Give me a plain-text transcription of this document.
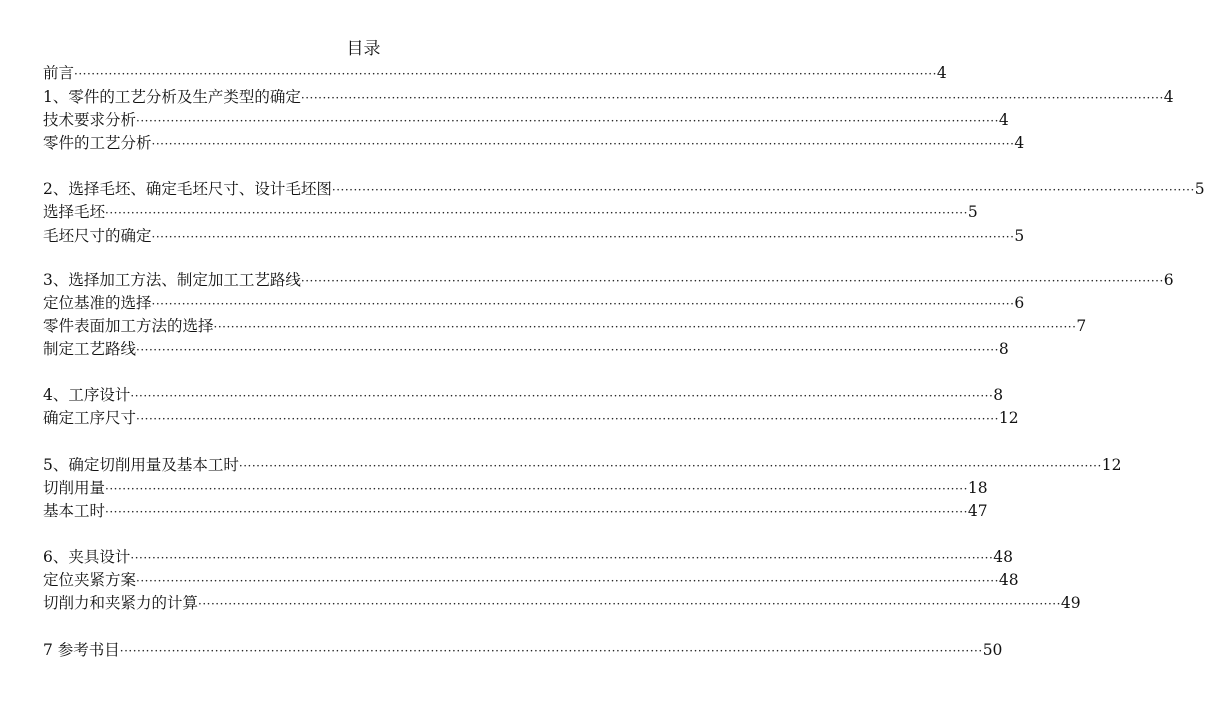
目录
前言 ········································································································································································································ 4
1、零件的工艺分析及生产类型的确定 ········································································································································································································ 4
技术要求分析 ········································································································································································································ 4
零件的工艺分析 ········································································································································································································ 4
2、选择毛坯、确定毛坯尺寸、设计毛坯图 ········································································································································································································ 5
选择毛坯 ········································································································································································································ 5
毛坯尺寸的确定 ········································································································································································································ 5
3、选择加工方法、制定加工工艺路线 ········································································································································································································ 6
定位基准的选择 ········································································································································································································ 6
零件表面加工方法的选择 ········································································································································································································ 7
制定工艺路线 ········································································································································································································ 8
4、工序设计 ········································································································································································································ 8
确定工序尺寸 ········································································································································································································ 12
5、确定切削用量及基本工时 ········································································································································································································ 12
切削用量 ········································································································································································································ 18
基本工时 ········································································································································································································ 47
6、夹具设计 ········································································································································································································ 48
定位夹紧方案 ········································································································································································································ 48
切削力和夹紧力的计算 ········································································································································································································ 49
7 参考书目 ········································································································································································································ 50
